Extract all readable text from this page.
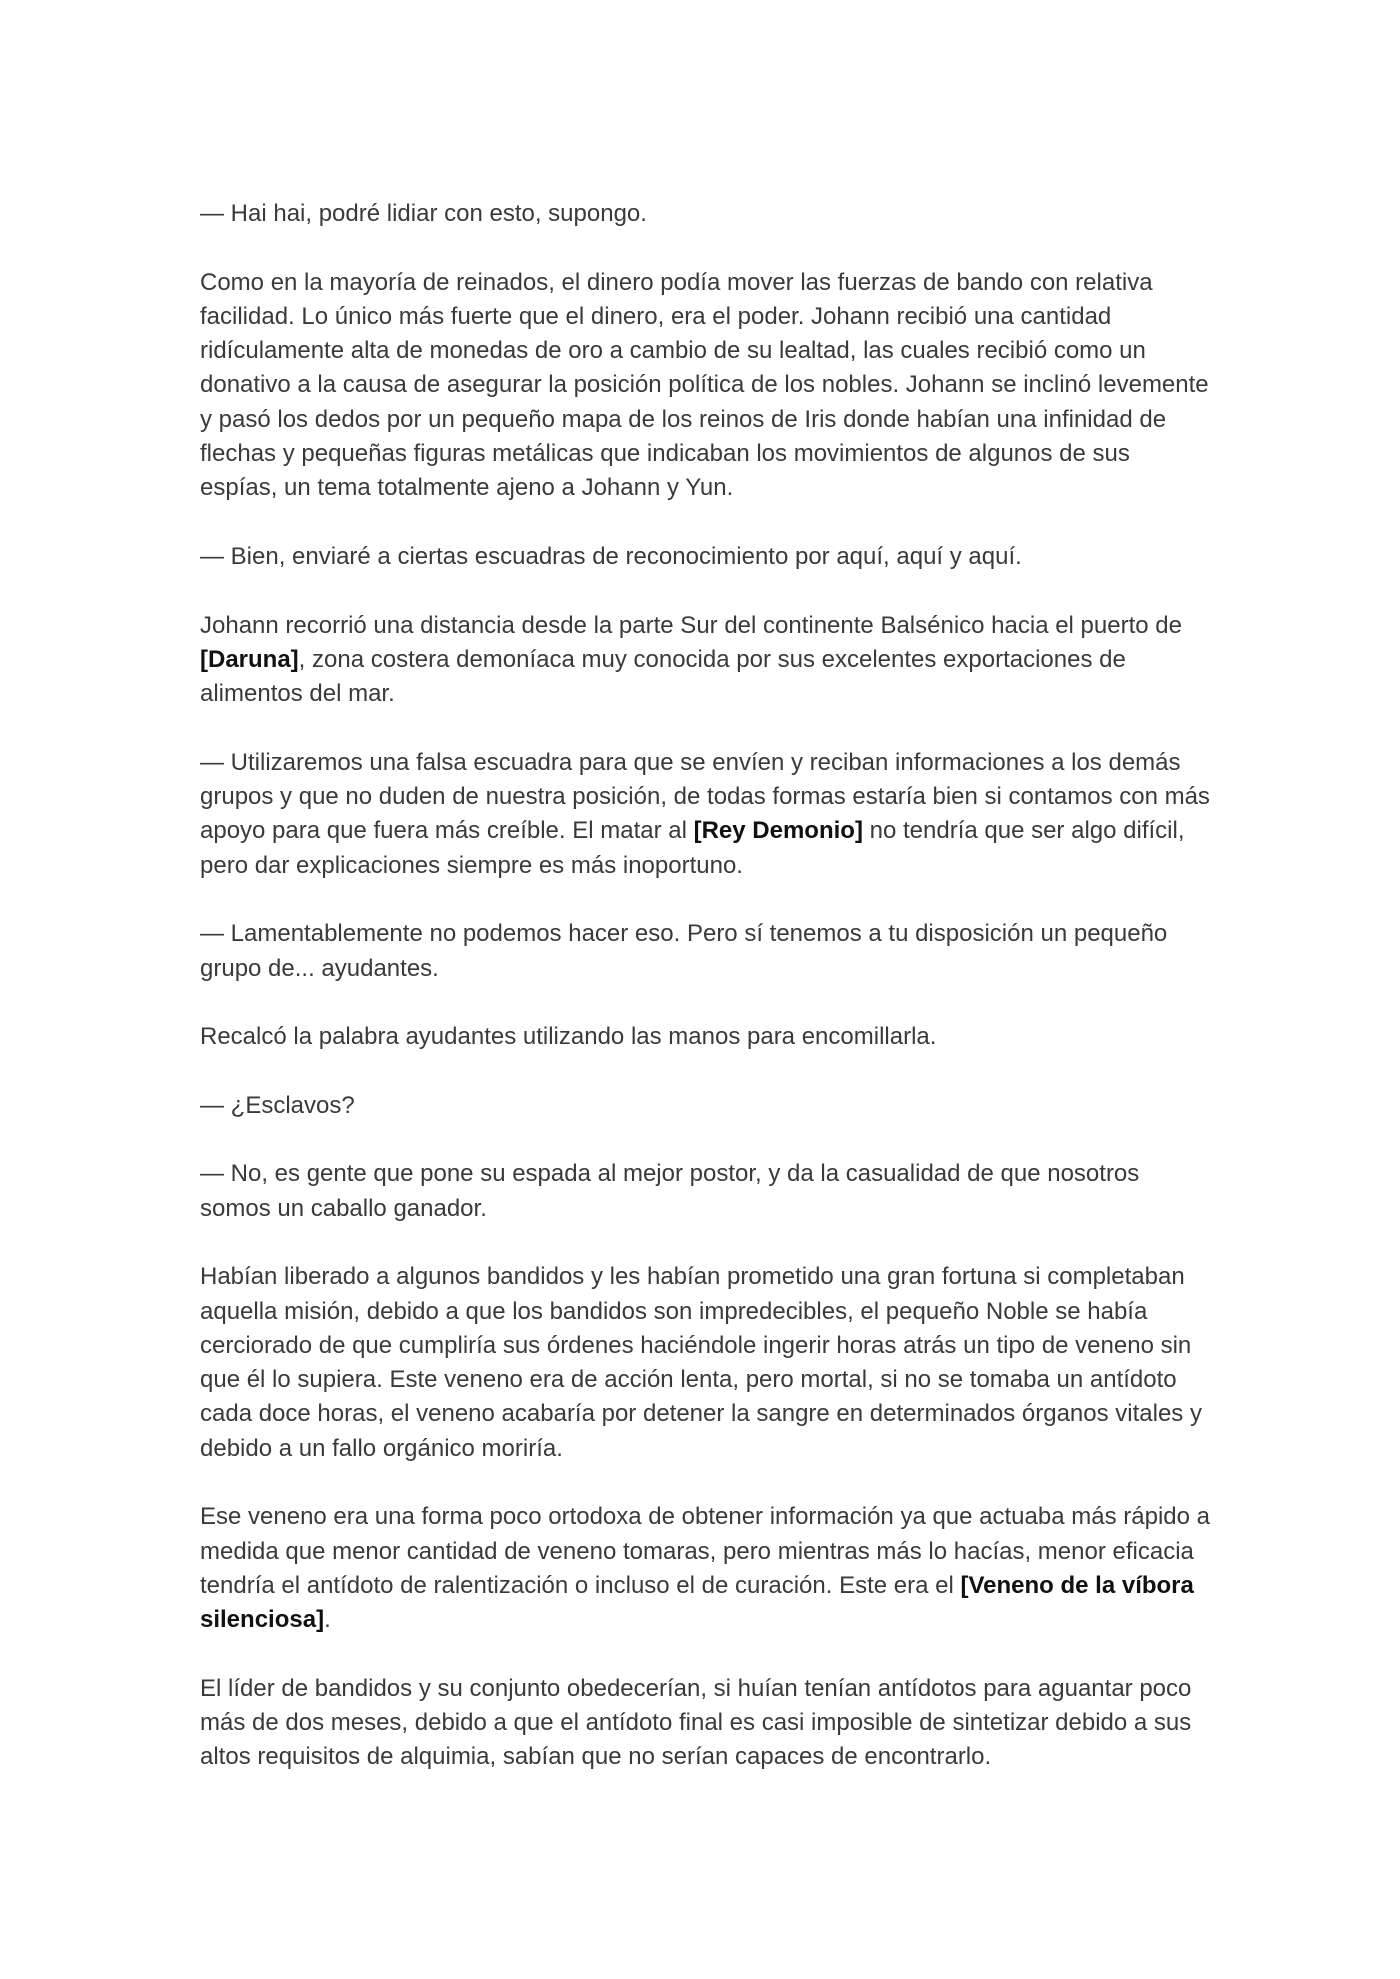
— Hai hai, podré lidiar con esto, supongo.

Como en la mayoría de reinados, el dinero podía mover las fuerzas de bando con relativa facilidad. Lo único más fuerte que el dinero, era el poder. Johann recibió una cantidad ridículamente alta de monedas de oro a cambio de su lealtad, las cuales recibió como un donativo a la causa de asegurar la posición política de los nobles. Johann se inclinó levemente y pasó los dedos por un pequeño mapa de los reinos de Iris donde habían una infinidad de flechas y pequeñas figuras metálicas que indicaban los movimientos de algunos de sus espías, un tema totalmente ajeno a Johann y Yun.

— Bien, enviaré a ciertas escuadras de reconocimiento por aquí, aquí y aquí.

Johann recorrió una distancia desde la parte Sur del continente Balsénico hacia el puerto de [Daruna], zona costera demoníaca muy conocida por sus excelentes exportaciones de alimentos del mar.

— Utilizaremos una falsa escuadra para que se envíen y reciban informaciones a los demás grupos y que no duden de nuestra posición, de todas formas estaría bien si contamos con más apoyo para que fuera más creíble. El matar al [Rey Demonio] no tendría que ser algo difícil, pero dar explicaciones siempre es más inoportuno.

— Lamentablemente no podemos hacer eso. Pero sí tenemos a tu disposición un pequeño grupo de... ayudantes.

Recalcó la palabra ayudantes utilizando las manos para encomillarla.

— ¿Esclavos?

— No, es gente que pone su espada al mejor postor, y da la casualidad de que nosotros somos un caballo ganador.

Habían liberado a algunos bandidos y les habían prometido una gran fortuna si completaban aquella misión, debido a que los bandidos son impredecibles, el pequeño Noble se había cerciorado de que cumpliría sus órdenes haciéndole ingerir horas atrás un tipo de veneno sin que él lo supiera. Este veneno era de acción lenta, pero mortal, si no se tomaba un antídoto cada doce horas, el veneno acabaría por detener la sangre en determinados órganos vitales y debido a un fallo orgánico moriría.

Ese veneno era una forma poco ortodoxa de obtener información ya que actuaba más rápido a medida que menor cantidad de veneno tomaras, pero mientras más lo hacías, menor eficacia tendría el antídoto de ralentización o incluso el de curación. Este era el [Veneno de la víbora silenciosa].

El líder de bandidos y su conjunto obedecerían, si huían tenían antídotos para aguantar poco más de dos meses, debido a que el antídoto final es casi imposible de sintetizar debido a sus altos requisitos de alquimia, sabían que no serían capaces de encontrarlo.
